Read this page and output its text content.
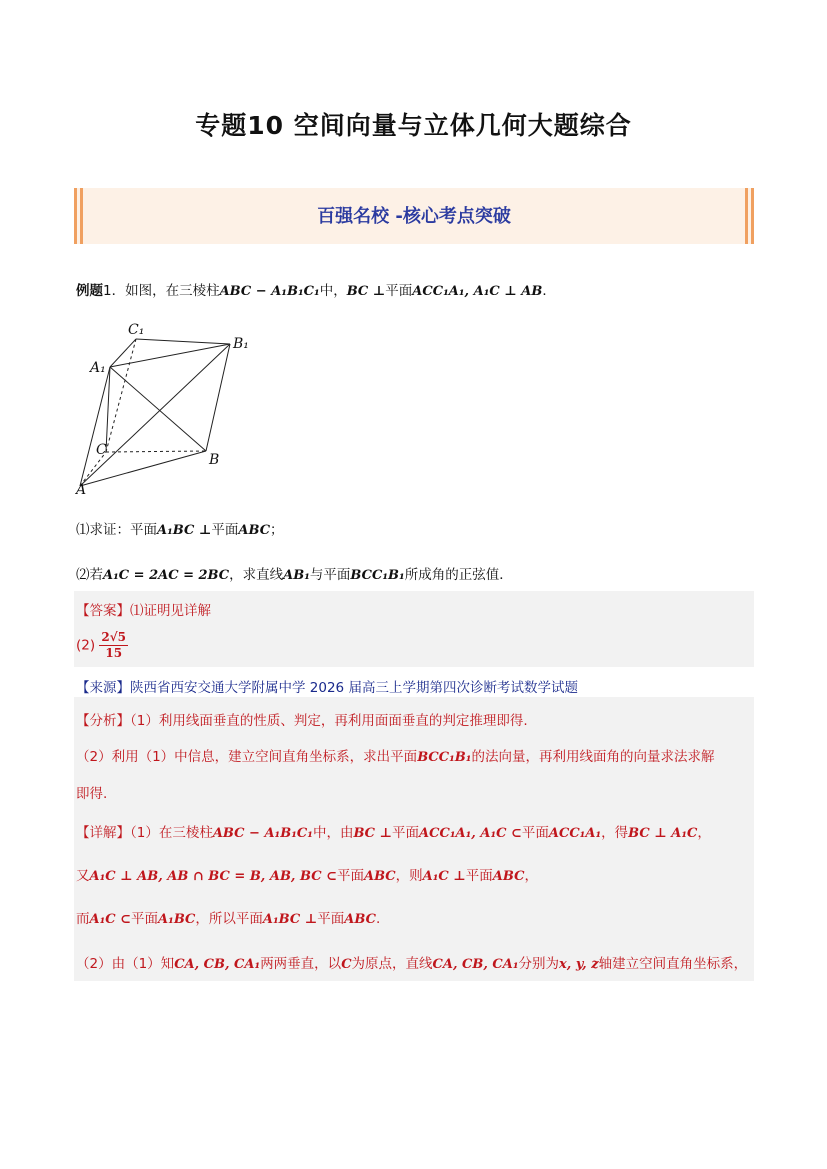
专题10 空间向量与立体几何大题综合
百强名校 -核心考点突破
例题1．如图，在三棱柱ABC − A₁B₁C₁中，BC ⊥平面ACC₁A₁, A₁C ⊥ AB．
C₁
B₁
A₁
C
B
A
⑴求证：平面A₁BC ⊥平面ABC；
⑵若A₁C = 2AC = 2BC，求直线AB₁与平面BCC₁B₁所成角的正弦值．
【答案】⑴证明见详解
$(2) \frac{2√5}{15}$
【来源】陕西省西安交通大学附属中学 2026 届高三上学期第四次诊断考试数学试题
【分析】（1）利用线面垂直的性质、判定，再利用面面垂直的判定推理即得.
（2）利用（1）中信息，建立空间直角坐标系，求出平面BCC₁B₁的法向量，再利用线面角的向量求法求解
即得.
【详解】（1）在三棱柱ABC − A₁B₁C₁中，由BC ⊥平面ACC₁A₁, A₁C ⊂平面ACC₁A₁，得BC ⊥ A₁C，
又A₁C ⊥ AB, AB ∩ BC = B, AB, BC ⊂平面ABC，则A₁C ⊥平面ABC，
而A₁C ⊂平面A₁BC，所以平面A₁BC ⊥平面ABC.
（2）由（1）知CA, CB, CA₁两两垂直，以C为原点，直线CA, CB, CA₁分别为x, y, z轴建立空间直角坐标系，
